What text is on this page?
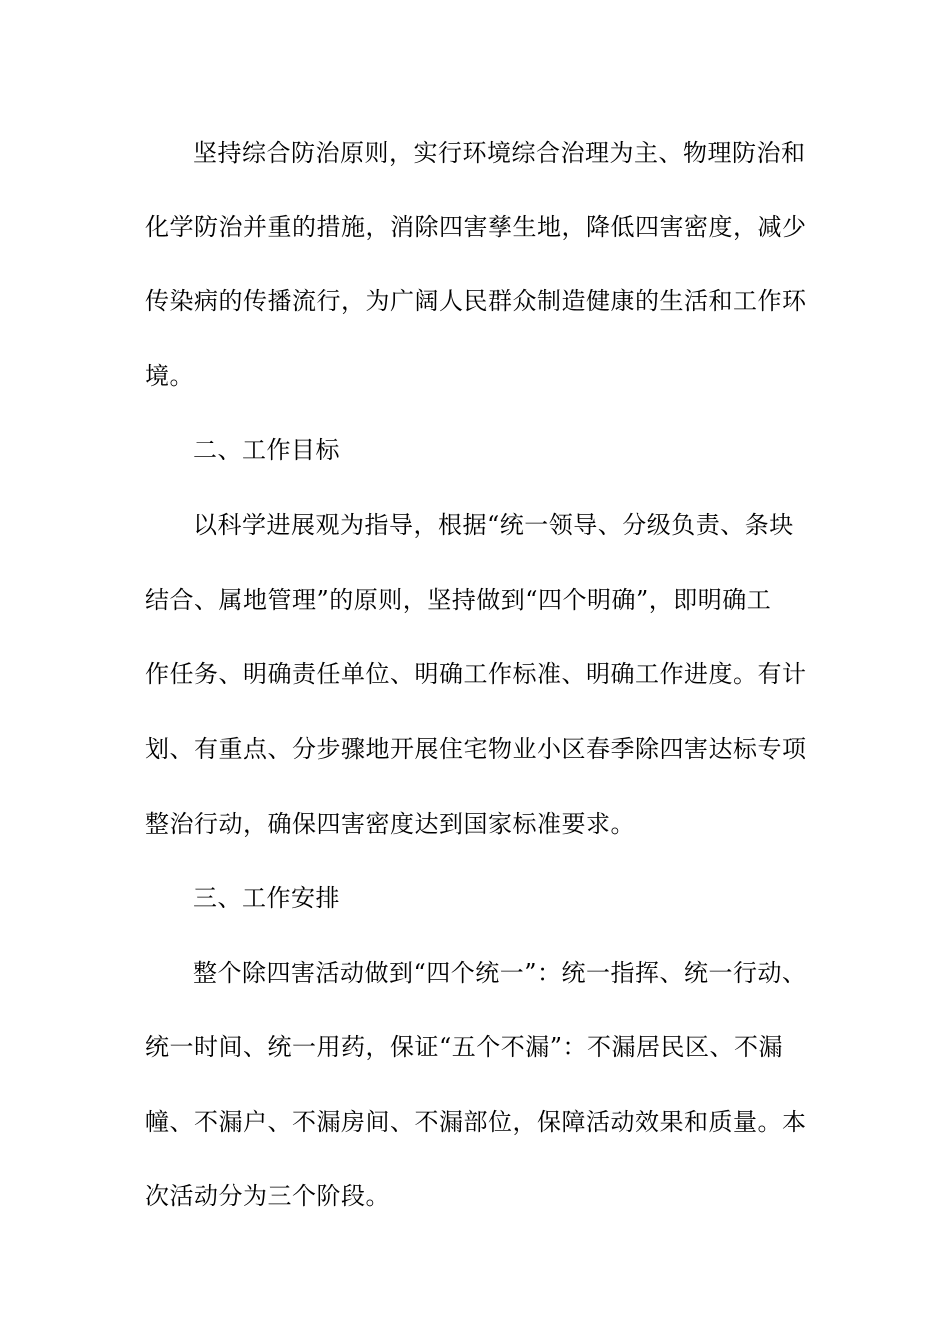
坚持综合防治原则，实行环境综合治理为主、物理防治和
化学防治并重的措施，消除四害孳生地，降低四害密度，减少
传染病的传播流行，为广阔人民群众制造健康的生活和工作环
境。
二、工作目标
以科学进展观为指导，根据“统一领导、分级负责、条块
结合、属地管理”的原则，坚持做到“四个明确”，即明确工
作任务、明确责任单位、明确工作标准、明确工作进度。有计
划、有重点、分步骤地开展住宅物业小区春季除四害达标专项
整治行动，确保四害密度达到国家标准要求。
三、工作安排
整个除四害活动做到“四个统一”：统一指挥、统一行动、
统一时间、统一用药，保证“五个不漏”：不漏居民区、不漏
幢、不漏户、不漏房间、不漏部位，保障活动效果和质量。本
次活动分为三个阶段。
